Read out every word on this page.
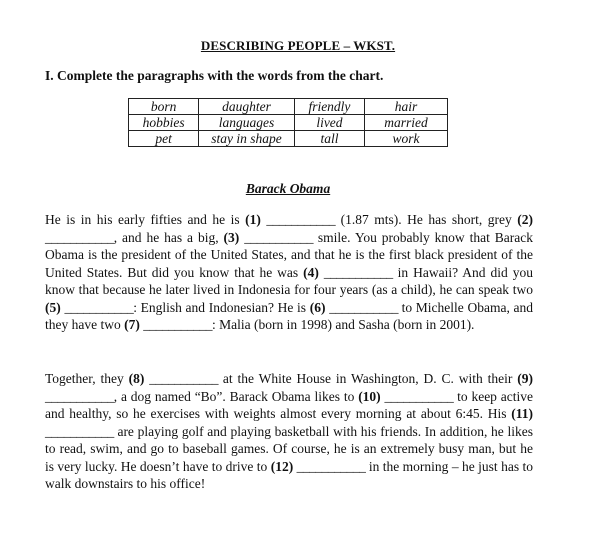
DESCRIBING PEOPLE – WKST.
I. Complete the paragraphs with the words from the chart.
born	daughter	friendly	hair
hobbies	languages	lived	married
pet	stay in shape	tall	work
Barack Obama
He is in his early fifties and he is (1) ___________ (1.87 mts). He has short, grey (2) ___________, and he has a big, (3) ___________ smile. You probably know that Barack Obama is the president of the United States, and that he is the first black president of the United States. But did you know that he was (4) ___________ in Hawaii? And did you know that because he later lived in Indonesia for four years (as a child), he can speak two (5) ___________: English and Indonesian? He is (6) ___________ to Michelle Obama, and they have two (7) ___________: Malia (born in 1998) and Sasha (born in 2001).
Together, they (8) ___________ at the White House in Washington, D. C. with their (9) ___________, a dog named “Bo”. Barack Obama likes to (10) ___________ to keep active and healthy, so he exercises with weights almost every morning at about 6:45. His (11) ___________ are playing golf and playing basketball with his friends. In addition, he likes to read, swim, and go to baseball games. Of course, he is an extremely busy man, but he is very lucky. He doesn’t have to drive to (12) ___________ in the morning – he just has to walk downstairs to his office!
